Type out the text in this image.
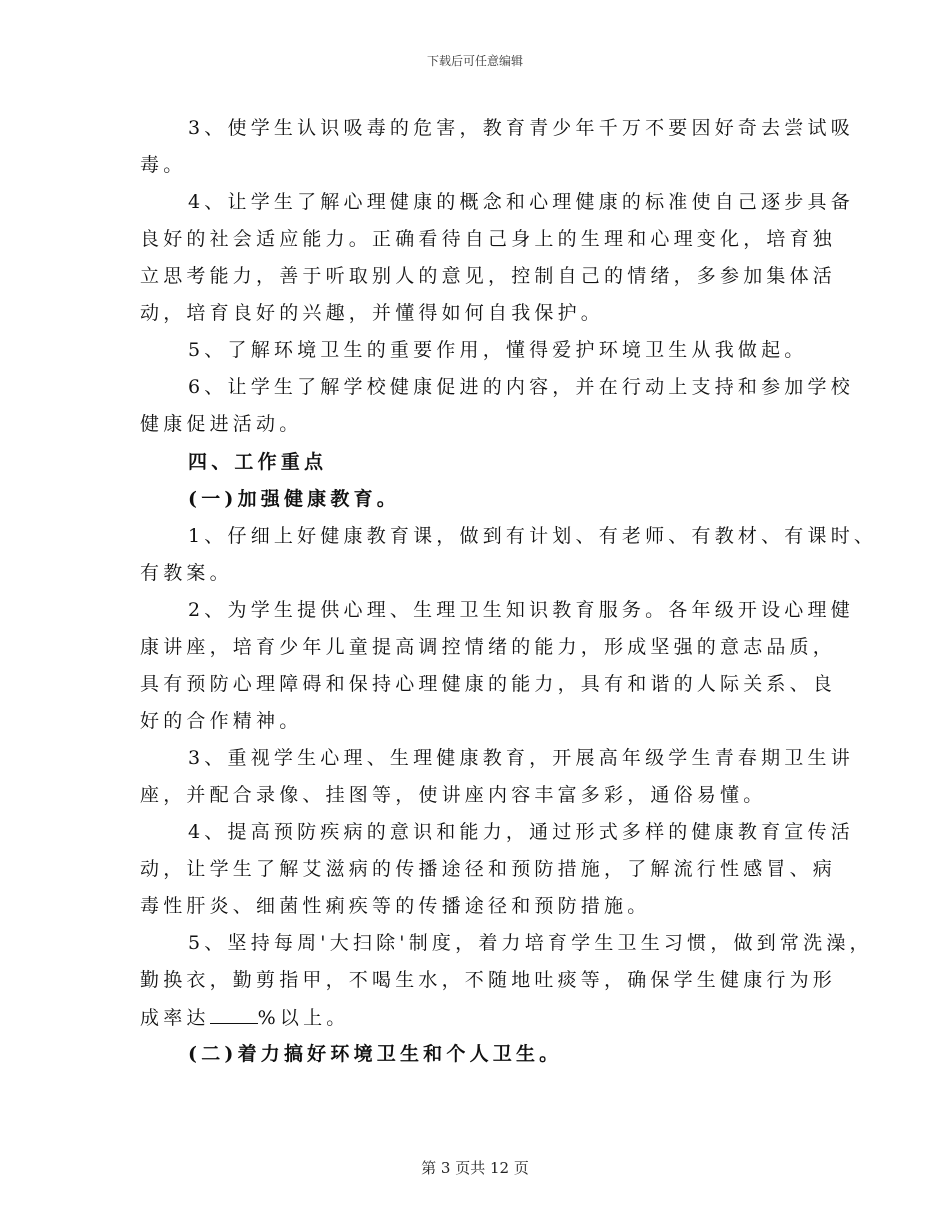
下载后可任意编辑
3、使学生认识吸毒的危害，教育青少年千万不要因好奇去尝试吸
毒。
4、让学生了解心理健康的概念和心理健康的标准使自己逐步具备
良好的社会适应能力。正确看待自己身上的生理和心理变化，培育独
立思考能力，善于听取别人的意见，控制自己的情绪，多参加集体活
动，培育良好的兴趣，并懂得如何自我保护。
5、了解环境卫生的重要作用，懂得爱护环境卫生从我做起。
6、让学生了解学校健康促进的内容，并在行动上支持和参加学校
健康促进活动。
四、工作重点
(一)加强健康教育。
1、仔细上好健康教育课，做到有计划、有老师、有教材、有课时、
有教案。
2、为学生提供心理、生理卫生知识教育服务。各年级开设心理健
康讲座，培育少年儿童提高调控情绪的能力，形成坚强的意志品质，
具有预防心理障碍和保持心理健康的能力，具有和谐的人际关系、良
好的合作精神。
3、重视学生心理、生理健康教育，开展高年级学生青春期卫生讲
座，并配合录像、挂图等，使讲座内容丰富多彩，通俗易懂。
4、提高预防疾病的意识和能力，通过形式多样的健康教育宣传活
动，让学生了解艾滋病的传播途径和预防措施，了解流行性感冒、病
毒性肝炎、细菌性痢疾等的传播途径和预防措施。
5、坚持每周'大扫除'制度，着力培育学生卫生习惯，做到常洗澡，
勤换衣，勤剪指甲，不喝生水，不随地吐痰等，确保学生健康行为形
成率达	%以上。
(二)着力搞好环境卫生和个人卫生。
第 3 页共 12 页
